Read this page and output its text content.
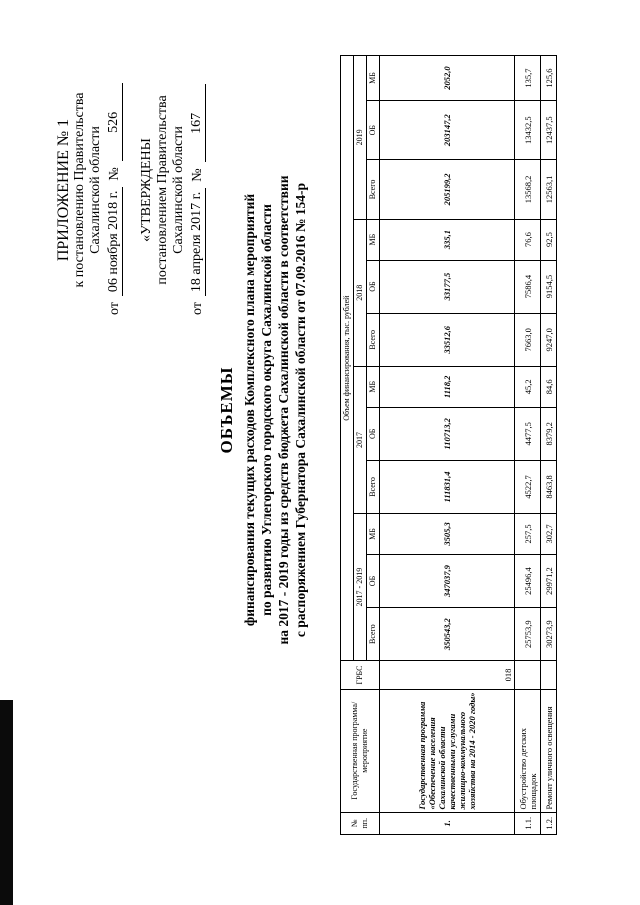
ПРИЛОЖЕНИЕ № 1 к постановлению Правительства Сахалинской области
от
06 ноября 2018 г.
№
526
«УТВЕРЖДЕНЫ постановлением Правительства Сахалинской области
от
18 апреля 2017 г.
№
167
ОБЪЕМЫ финансирования текущих расходов Комплексного плана мероприятий по развитию Углегорского городского округа Сахалинской области на 2017 - 2019 годы из средств бюджета Сахалинской области в соответствии с распоряжением Губернатора Сахалинской области от 07.09.2016 № 154-р
№ пп.	Государственная программа/мероприятие	ГРБС	Объем финансирования, тыс. рублей											
			2017 - 2019			2017			2018			2019		
			Всего	ОБ	МБ	Всего	ОБ	МБ	Всего	ОБ	МБ	Всего	ОБ	МБ
1.	Государственная программа «Обеспечение населения Сахалинской области качественными услугами жилищно-коммунального хозяйства на 2014 - 2020 годы»	018	350543,2	347037,9	3505,3	111831,4	110713,2	1118,2	33512,6	33177,5	335,1	205199,2	203147,2	2052,0
1.1.	Обустройство детских площадок		25753,9	25496,4	257,5	4522,7	4477,5	45,2	7663,0	7586,4	76,6	13568,2	13432,5	135,7
1.2.	Ремонт уличного освещения		30273,9	29971,2	302,7	8463,8	8379,2	84,6	9247,0	9154,5	92,5	12563,1	12437,5	125,6
